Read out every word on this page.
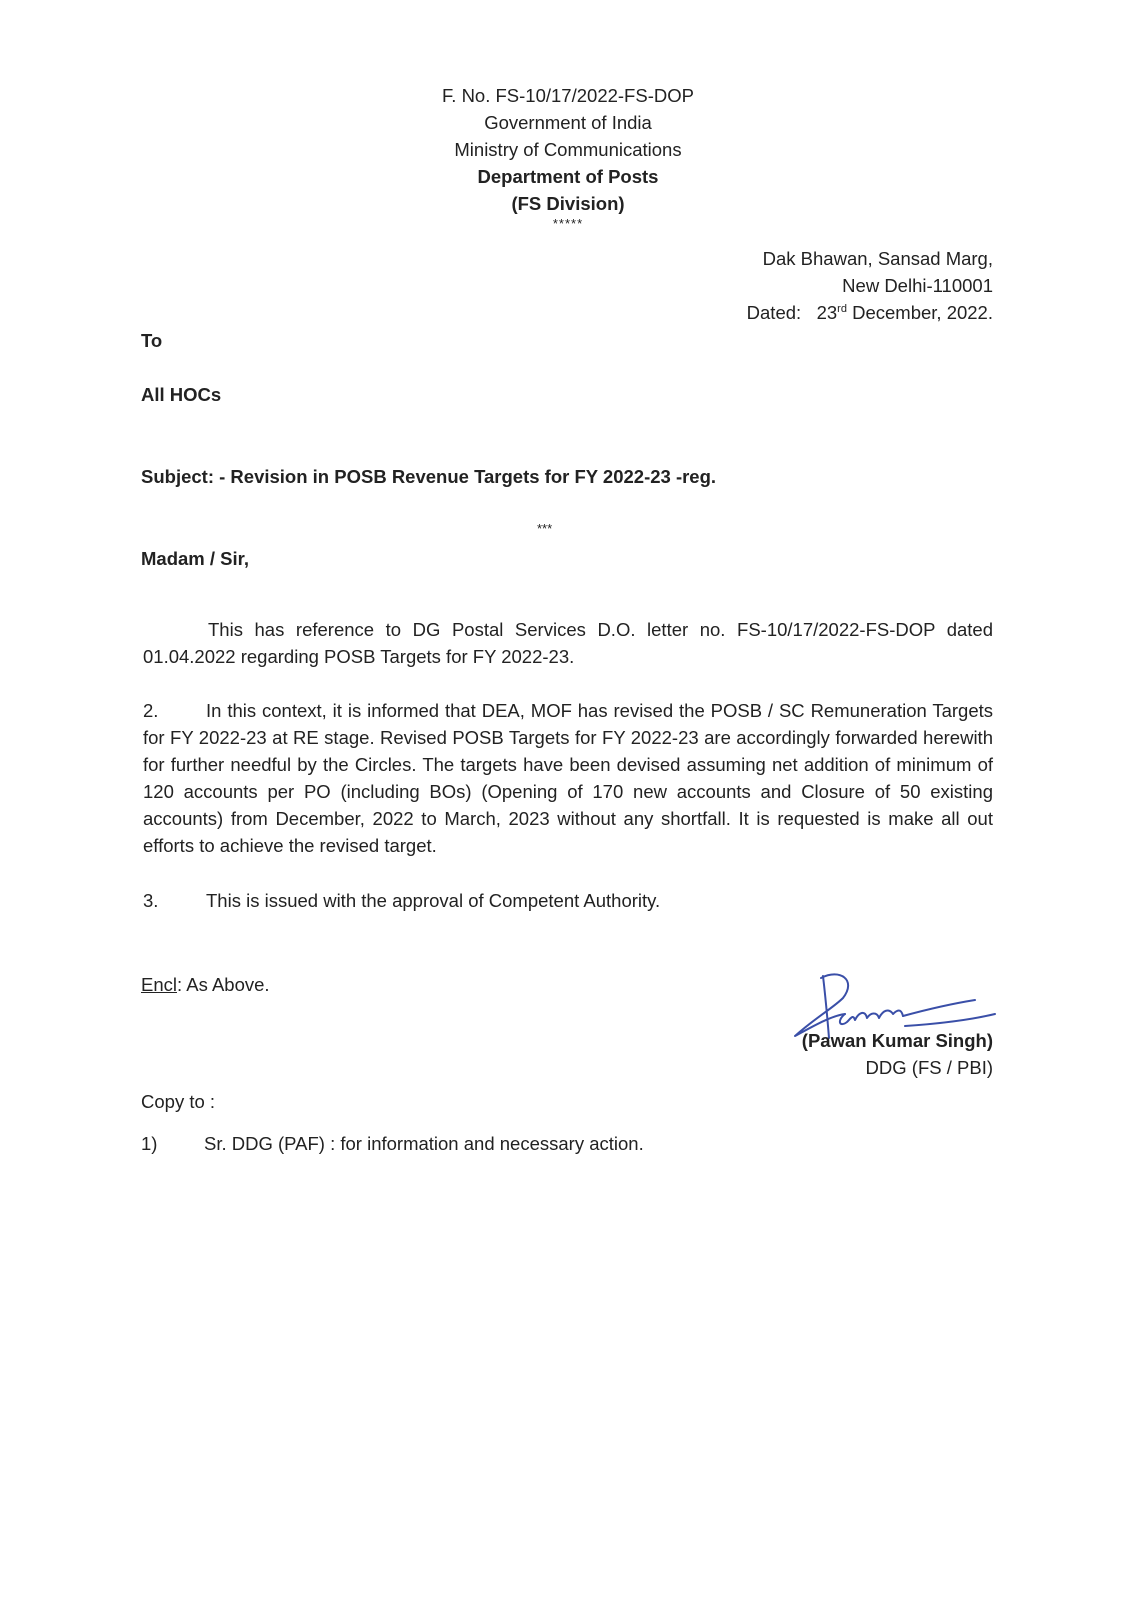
F. No. FS-10/17/2022-FS-DOP
Government of India
Ministry of Communications
Department of Posts
(FS Division)
*****
Dak Bhawan, Sansad Marg,
New Delhi-110001
Dated: 23rd December, 2022.
To
All HOCs
Subject: - Revision in POSB Revenue Targets for FY 2022-23 -reg.
***
Madam / Sir,
This has reference to DG Postal Services D.O. letter no. FS-10/17/2022-FS-DOP dated 01.04.2022 regarding POSB Targets for FY 2022-23.
2.	In this context, it is informed that DEA, MOF has revised the POSB / SC Remuneration Targets for FY 2022-23 at RE stage. Revised POSB Targets for FY 2022-23 are accordingly forwarded herewith for further needful by the Circles. The targets have been devised assuming net addition of minimum of 120 accounts per PO (including BOs) (Opening of 170 new accounts and Closure of 50 existing accounts) from December, 2022 to March, 2023 without any shortfall. It is requested is make all out efforts to achieve the revised target.
3.	This is issued with the approval of Competent Authority.
Encl: As Above.
(Pawan Kumar Singh)
DDG (FS / PBI)
Copy to :
1)	Sr. DDG (PAF) : for information and necessary action.
